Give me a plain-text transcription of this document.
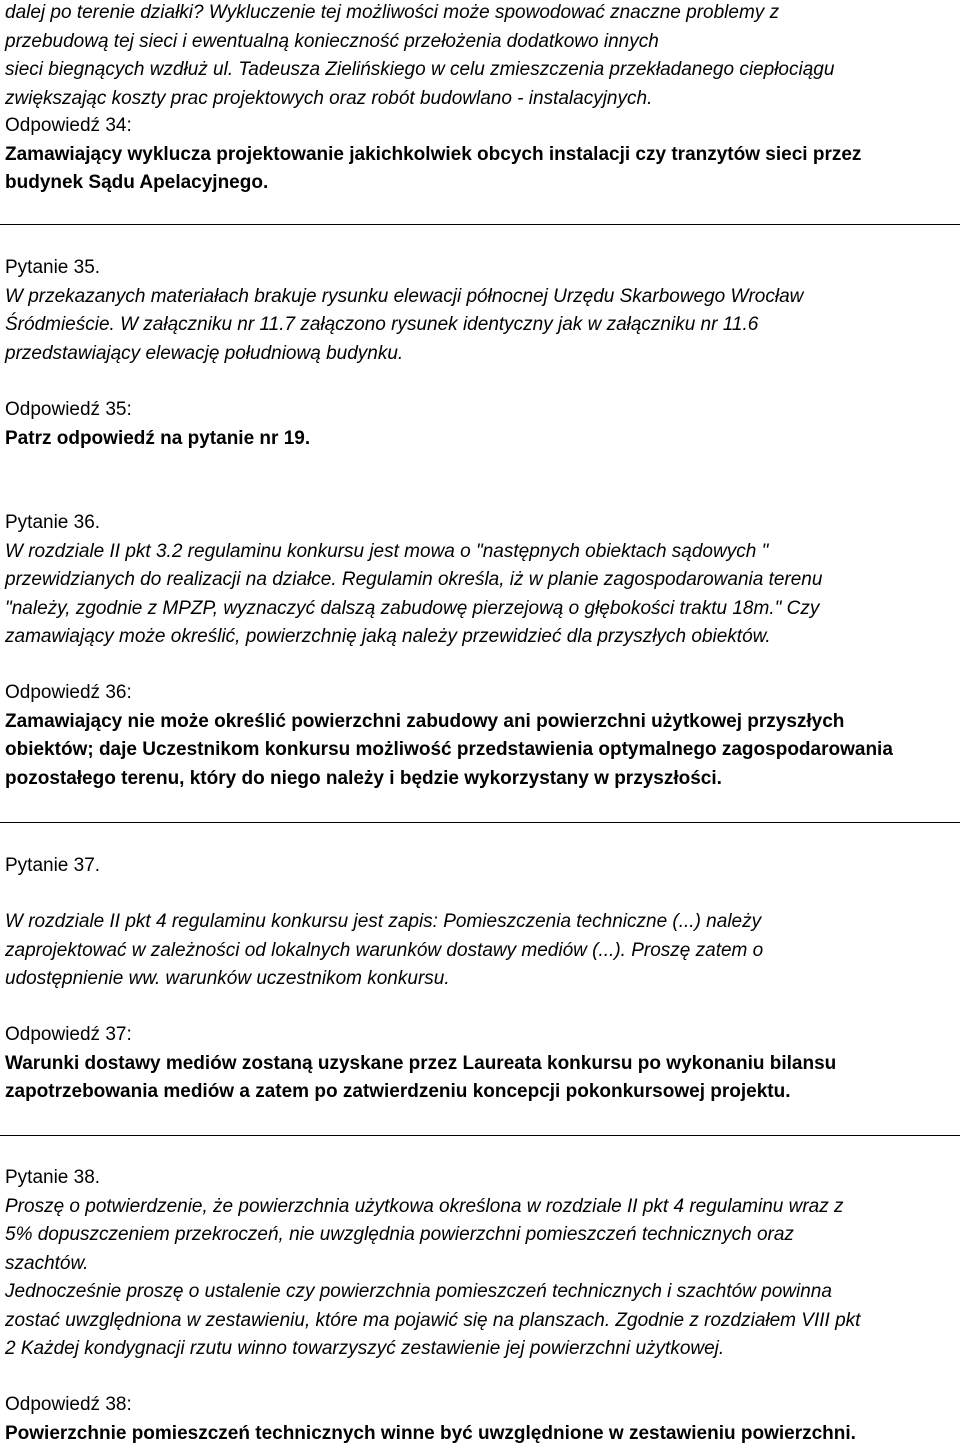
dalej po terenie działki? Wykluczenie tej możliwości może spowodować znaczne problemy z
przebudową tej sieci i ewentualną konieczność przełożenia dodatkowo innych
sieci biegnących wzdłuż ul. Tadeusza Zielińskiego w celu zmieszczenia przekładanego ciepłociągu
zwiększając koszty prac projektowych oraz robót budowlano - instalacyjnych.
Odpowiedź 34:
Zamawiający wyklucza projektowanie jakichkolwiek obcych instalacji czy tranzytów sieci przez
budynek Sądu Apelacyjnego.
Pytanie 35.
W przekazanych materiałach brakuje rysunku elewacji północnej Urzędu Skarbowego Wrocław
Śródmieście. W załączniku nr 11.7 załączono rysunek identyczny jak w załączniku nr 11.6
przedstawiający elewację południową budynku.
Odpowiedź 35:
Patrz odpowiedź na pytanie nr 19.
Pytanie 36.
W rozdziale II pkt 3.2 regulaminu konkursu jest mowa o "następnych obiektach sądowych "
przewidzianych do realizacji na działce. Regulamin określa, iż w planie zagospodarowania terenu
"należy, zgodnie z MPZP, wyznaczyć dalszą zabudowę pierzejową o głębokości traktu 18m." Czy
zamawiający może określić, powierzchnię jaką należy przewidzieć dla przyszłych obiektów.
Odpowiedź 36:
Zamawiający nie może określić powierzchni zabudowy ani powierzchni użytkowej przyszłych
obiektów; daje Uczestnikom konkursu możliwość przedstawienia optymalnego zagospodarowania
pozostałego terenu, który do niego należy i będzie wykorzystany w przyszłości.
Pytanie 37.
W rozdziale II pkt 4 regulaminu konkursu jest zapis: Pomieszczenia techniczne (...) należy
zaprojektować w zależności od lokalnych warunków dostawy mediów (...). Proszę zatem o
udostępnienie ww. warunków uczestnikom konkursu.
Odpowiedź 37:
Warunki dostawy mediów zostaną uzyskane przez Laureata konkursu po wykonaniu bilansu
zapotrzebowania mediów a zatem po zatwierdzeniu koncepcji pokonkursowej projektu.
Pytanie 38.
Proszę o potwierdzenie, że powierzchnia użytkowa określona w rozdziale II pkt 4 regulaminu wraz z
5% dopuszczeniem przekroczeń, nie uwzględnia powierzchni pomieszczeń technicznych oraz
szachtów.
Jednocześnie proszę o ustalenie czy powierzchnia pomieszczeń technicznych i szachtów powinna
zostać uwzględniona w zestawieniu, które ma pojawić się na planszach. Zgodnie z rozdziałem VIII pkt
2 Każdej kondygnacji rzutu winno towarzyszyć zestawienie jej powierzchni użytkowej.
Odpowiedź 38:
Powierzchnie pomieszczeń technicznych winne być uwzględnione w zestawieniu powierzchni.
